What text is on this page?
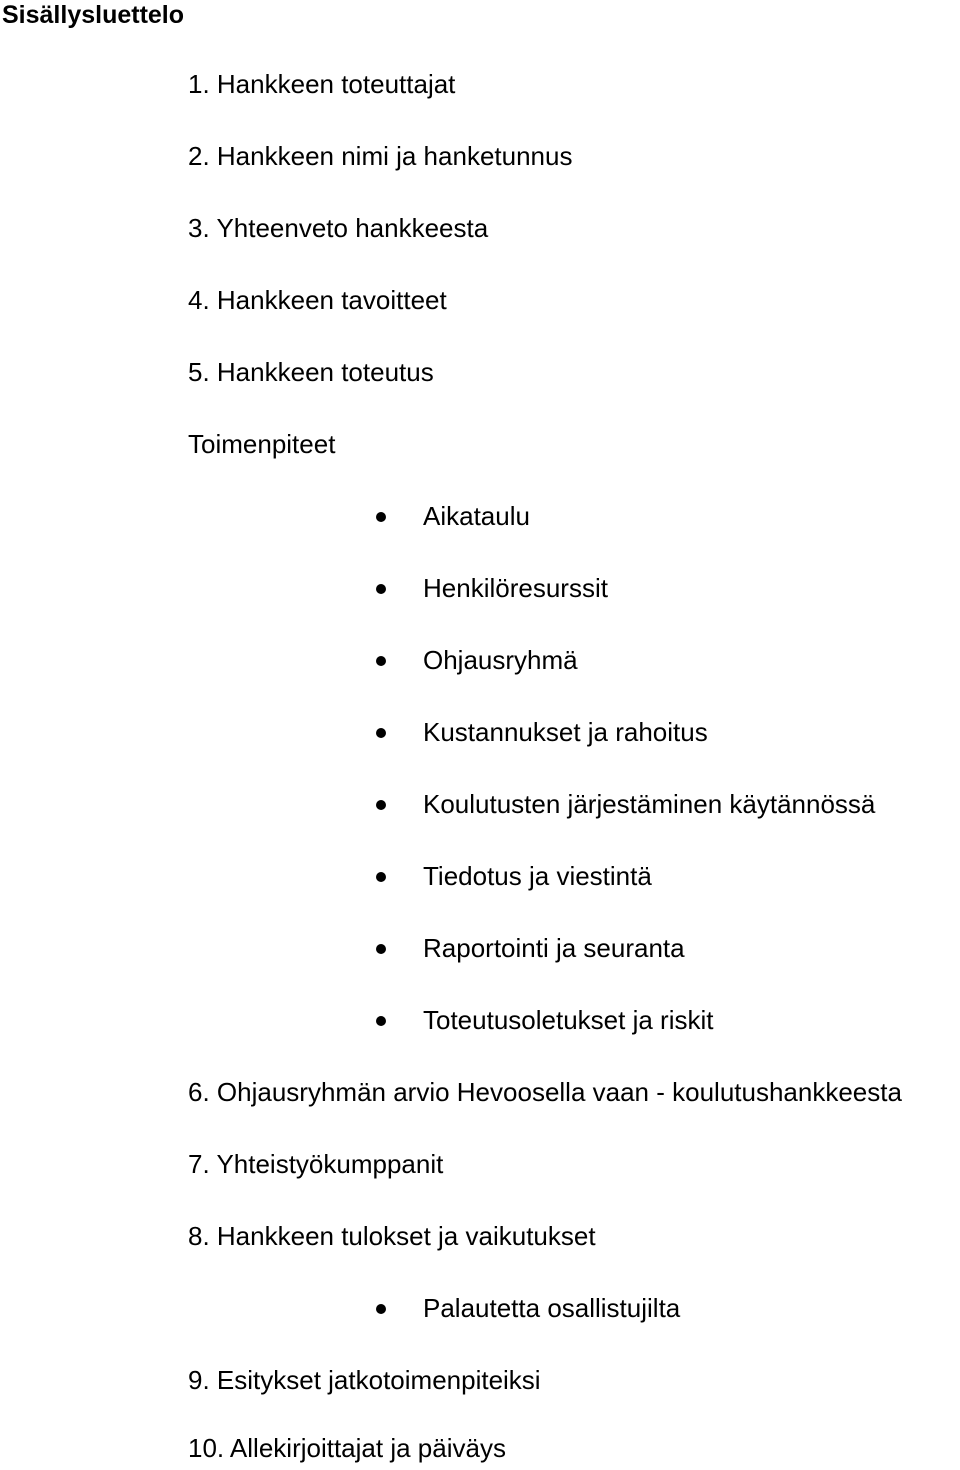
Sisällysluettelo
1. Hankkeen toteuttajat
2. Hankkeen nimi ja hanketunnus
3. Yhteenveto hankkeesta
4. Hankkeen tavoitteet
5. Hankkeen toteutus
Toimenpiteet
Aikataulu
Henkilöresurssit
Ohjausryhmä
Kustannukset ja rahoitus
Koulutusten järjestäminen käytännössä
Tiedotus ja viestintä
Raportointi ja seuranta
Toteutusoletukset ja riskit
6. Ohjausryhmän arvio Hevoosella vaan - koulutushankkeesta
7. Yhteistyökumppanit
8. Hankkeen tulokset ja vaikutukset
Palautetta osallistujilta
9. Esitykset jatkotoimenpiteiksi
10. Allekirjoittajat ja päiväys
